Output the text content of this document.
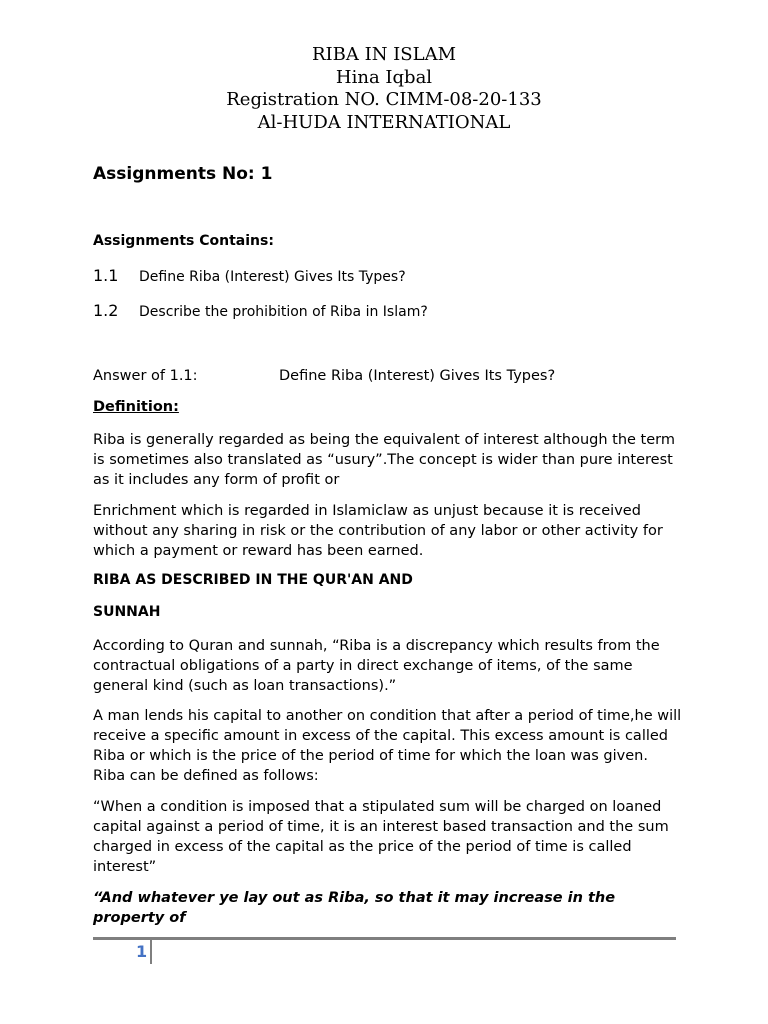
RIBA IN ISLAM
Hina Iqbal
Registration NO. CIMM-08-20-133
Al-HUDA INTERNATIONAL
Assignments No: 1
Assignments Contains:
1.1	Define Riba (Interest) Gives Its Types?
1.2	Describe the prohibition of Riba in Islam?
Answer of 1.1:	Define Riba (Interest) Gives Its Types?
Definition:
Riba is generally regarded as being the equivalent of interest although the term is sometimes also translated as “usury”.The concept is wider than pure interest as it includes any form of profit or
Enrichment which is regarded in Islamiclaw as unjust because it is received without any sharing in risk or the contribution of any labor or other activity for which a payment or reward has been earned.
RIBA AS DESCRIBED IN THE QUR'AN AND
SUNNAH
According to Quran and sunnah, “Riba is a discrepancy which results from the contractual obligations of a party in direct exchange of items, of the same general kind (such as loan transactions).”
A man lends his capital to another on condition that after a period of time,he will receive a specific amount in excess of the capital. This excess amount is called Riba or which is the price of the period of time for which the loan was given. Riba can be defined as follows:
“When a condition is imposed that a stipulated sum will be charged on loaned capital against a period of time, it is an interest based transaction and the sum charged in excess of the capital as the price of the period of time is called interest”
“And whatever ye lay out as Riba, so that it may increase in the property of
1
